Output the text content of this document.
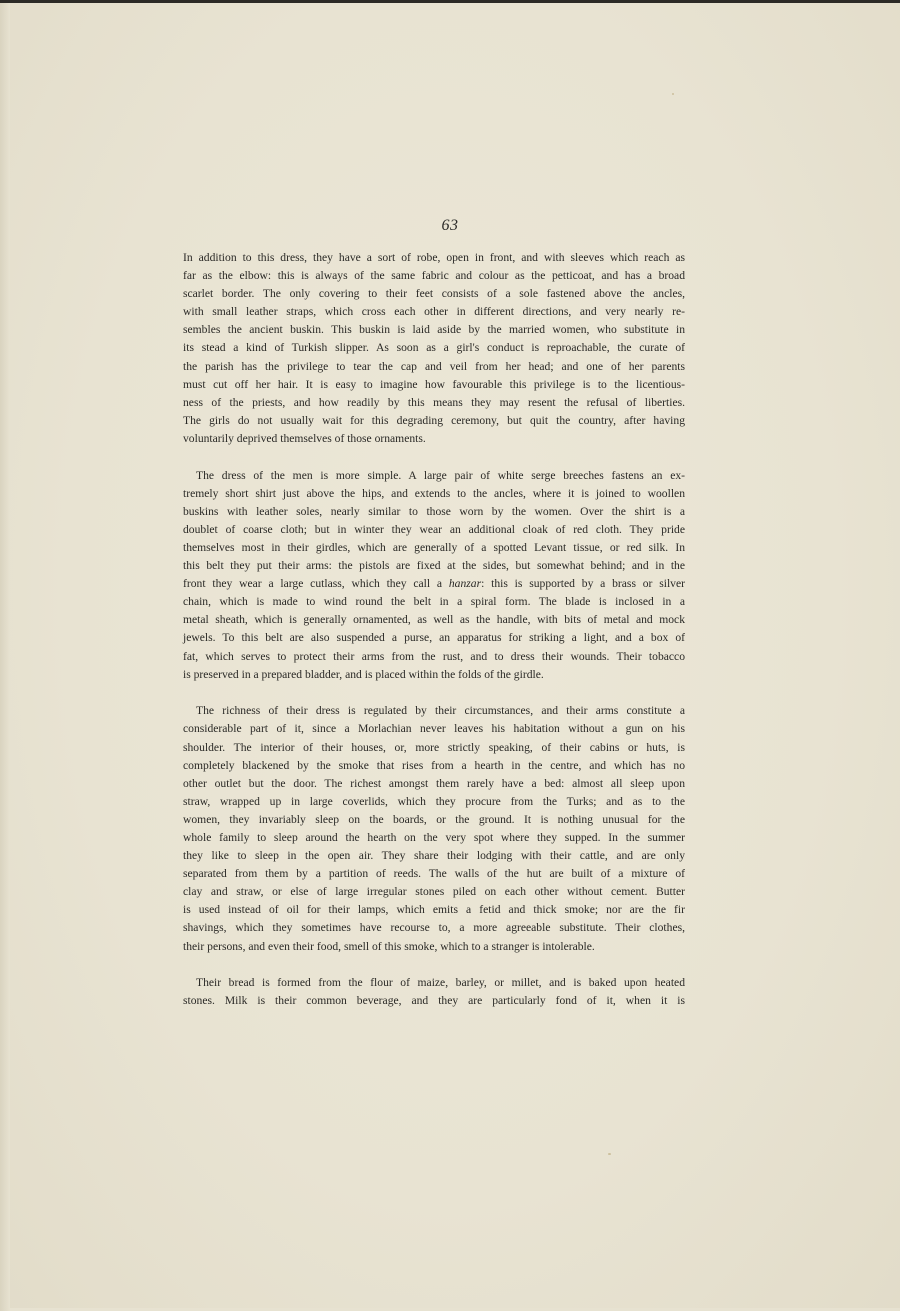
63
In addition to this dress, they have a sort of robe, open in front, and with sleeves which reach as
far as the elbow: this is always of the same fabric and colour as the petticoat, and has a broad
scarlet border. The only covering to their feet consists of a sole fastened above the ancles,
with small leather straps, which cross each other in different directions, and very nearly re-
sembles the ancient buskin. This buskin is laid aside by the married women, who substitute in
its stead a kind of Turkish slipper. As soon as a girl's conduct is reproachable, the curate of
the parish has the privilege to tear the cap and veil from her head; and one of her parents
must cut off her hair. It is easy to imagine how favourable this privilege is to the licentious-
ness of the priests, and how readily by this means they may resent the refusal of liberties.
The girls do not usually wait for this degrading ceremony, but quit the country, after having
voluntarily deprived themselves of those ornaments.
The dress of the men is more simple. A large pair of white serge breeches fastens an ex-
tremely short shirt just above the hips, and extends to the ancles, where it is joined to woollen
buskins with leather soles, nearly similar to those worn by the women. Over the shirt is a
doublet of coarse cloth; but in winter they wear an additional cloak of red cloth. They pride
themselves most in their girdles, which are generally of a spotted Levant tissue, or red silk. In
this belt they put their arms: the pistols are fixed at the sides, but somewhat behind; and in the
front they wear a large cutlass, which they call a hanzar: this is supported by a brass or silver
chain, which is made to wind round the belt in a spiral form. The blade is inclosed in a
metal sheath, which is generally ornamented, as well as the handle, with bits of metal and mock
jewels. To this belt are also suspended a purse, an apparatus for striking a light, and a box of
fat, which serves to protect their arms from the rust, and to dress their wounds. Their tobacco
is preserved in a prepared bladder, and is placed within the folds of the girdle.
The richness of their dress is regulated by their circumstances, and their arms constitute a
considerable part of it, since a Morlachian never leaves his habitation without a gun on his
shoulder. The interior of their houses, or, more strictly speaking, of their cabins or huts, is
completely blackened by the smoke that rises from a hearth in the centre, and which has no
other outlet but the door. The richest amongst them rarely have a bed: almost all sleep upon
straw, wrapped up in large coverlids, which they procure from the Turks; and as to the
women, they invariably sleep on the boards, or the ground. It is nothing unusual for the
whole family to sleep around the hearth on the very spot where they supped. In the summer
they like to sleep in the open air. They share their lodging with their cattle, and are only
separated from them by a partition of reeds. The walls of the hut are built of a mixture of
clay and straw, or else of large irregular stones piled on each other without cement. Butter
is used instead of oil for their lamps, which emits a fetid and thick smoke; nor are the fir
shavings, which they sometimes have recourse to, a more agreeable substitute. Their clothes,
their persons, and even their food, smell of this smoke, which to a stranger is intolerable.
Their bread is formed from the flour of maize, barley, or millet, and is baked upon heated
stones. Milk is their common beverage, and they are particularly fond of it, when it is
